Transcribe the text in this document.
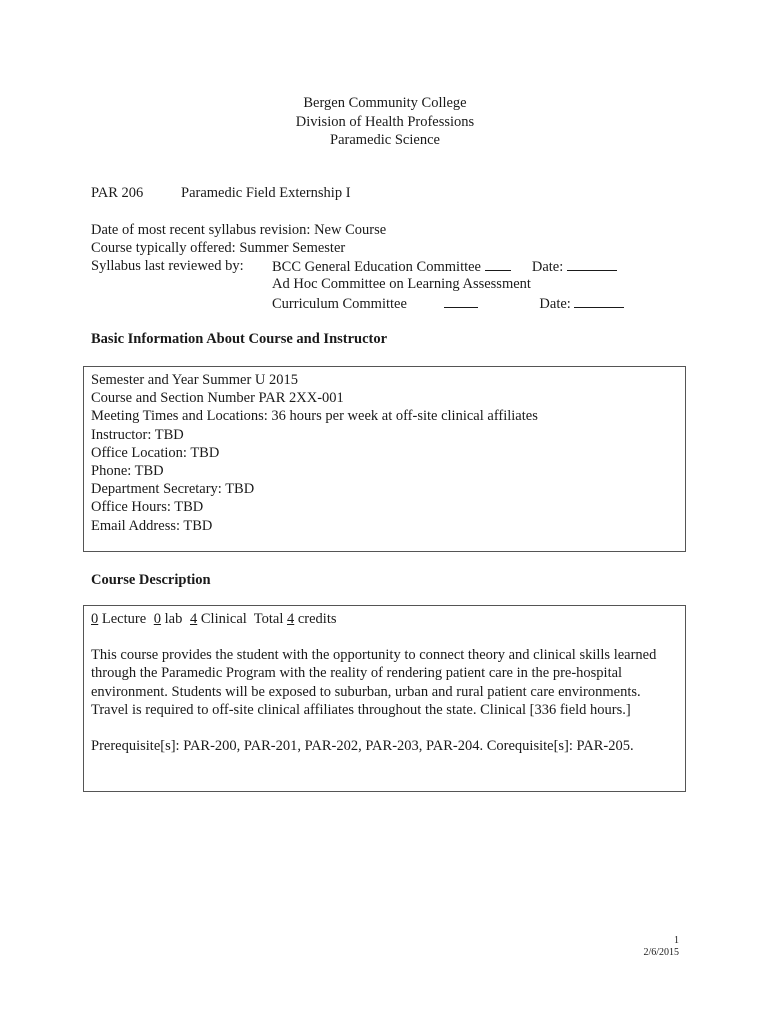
Bergen Community College
Division of Health Professions
Paramedic Science
PAR 206	Paramedic Field Externship I
Date of most recent syllabus revision: New Course
Course typically offered: Summer Semester
Syllabus last reviewed by: BCC General Education Committee	Date:
Ad Hoc Committee on Learning Assessment
Curriculum Committee	Date:
Basic Information About Course and Instructor
Semester and Year Summer U 2015
Course and Section Number PAR 2XX-001
Meeting Times and Locations: 36 hours per week at off-site clinical affiliates
Instructor: TBD
Office Location: TBD
Phone: TBD
Department Secretary: TBD
Office Hours: TBD
Email Address: TBD
Course Description
0 Lecture 0 lab 4 Clinical  Total 4 credits
This course provides the student with the opportunity to connect theory and clinical skills learned through the Paramedic Program with the reality of rendering patient care in the pre-hospital environment. Students will be exposed to suburban, urban and rural patient care environments. Travel is required to off-site clinical affiliates throughout the state. Clinical [336 field hours.]
Prerequisite[s]: PAR-200, PAR-201, PAR-202, PAR-203, PAR-204. Corequisite[s]: PAR-205.
1
2/6/2015
